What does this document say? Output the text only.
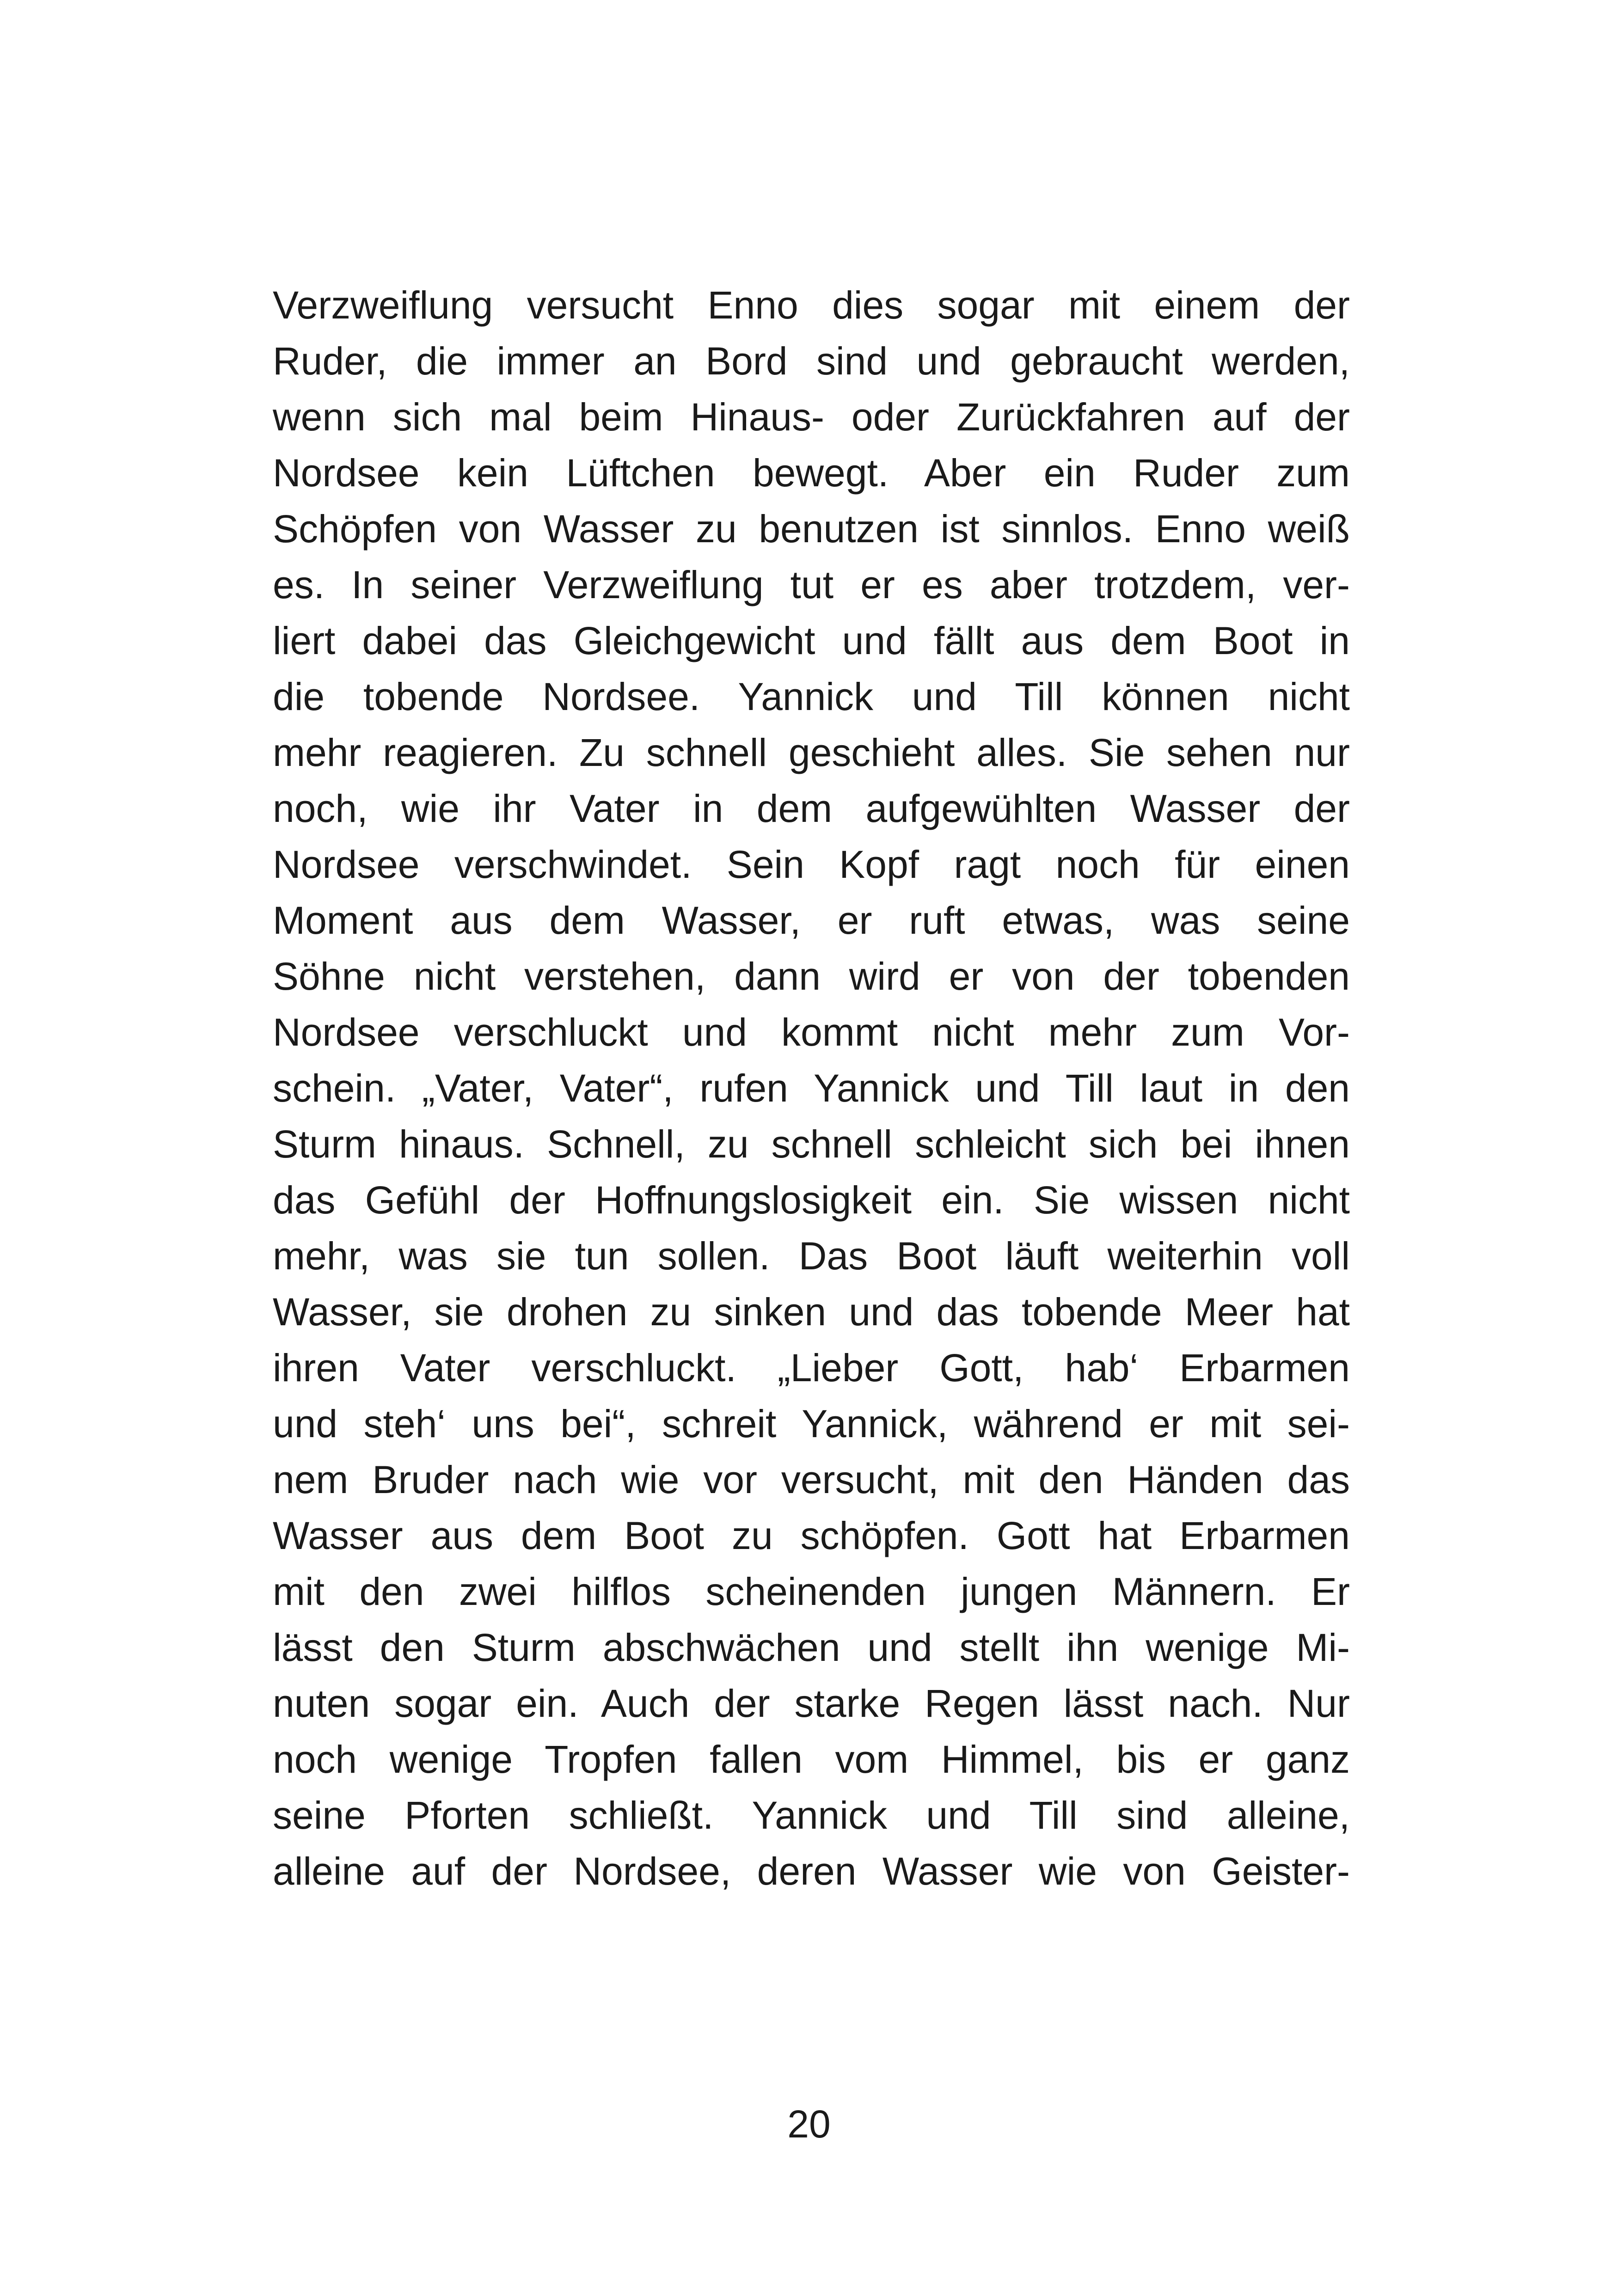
Verzweiflung versucht Enno dies sogar mit einem der
Ruder, die immer an Bord sind und gebraucht werden,
wenn sich mal beim Hinaus- oder Zurückfahren auf der
Nordsee kein Lüftchen bewegt. Aber ein Ruder zum
Schöpfen von Wasser zu benutzen ist sinnlos. Enno weiß
es. In seiner Verzweiflung tut er es aber trotzdem, ver-
liert dabei das Gleichgewicht und fällt aus dem Boot in
die tobende Nordsee. Yannick und Till können nicht
mehr reagieren. Zu schnell geschieht alles. Sie sehen nur
noch, wie ihr Vater in dem aufgewühlten Wasser der
Nordsee verschwindet. Sein Kopf ragt noch für einen
Moment aus dem Wasser, er ruft etwas, was seine
Söhne nicht verstehen, dann wird er von der tobenden
Nordsee verschluckt und kommt nicht mehr zum Vor-
schein. „Vater, Vater“, rufen Yannick und Till laut in den
Sturm hinaus. Schnell, zu schnell schleicht sich bei ihnen
das Gefühl der Hoffnungslosigkeit ein. Sie wissen nicht
mehr, was sie tun sollen. Das Boot läuft weiterhin voll
Wasser, sie drohen zu sinken und das tobende Meer hat
ihren Vater verschluckt. „Lieber Gott, hab‘ Erbarmen
und steh‘ uns bei“, schreit Yannick, während er mit sei-
nem Bruder nach wie vor versucht, mit den Händen das
Wasser aus dem Boot zu schöpfen. Gott hat Erbarmen
mit den zwei hilflos scheinenden jungen Männern. Er
lässt den Sturm abschwächen und stellt ihn wenige Mi-
nuten sogar ein. Auch der starke Regen lässt nach. Nur
noch wenige Tropfen fallen vom Himmel, bis er ganz
seine Pforten schließt. Yannick und Till sind alleine,
alleine auf der Nordsee, deren Wasser wie von Geister-
20
